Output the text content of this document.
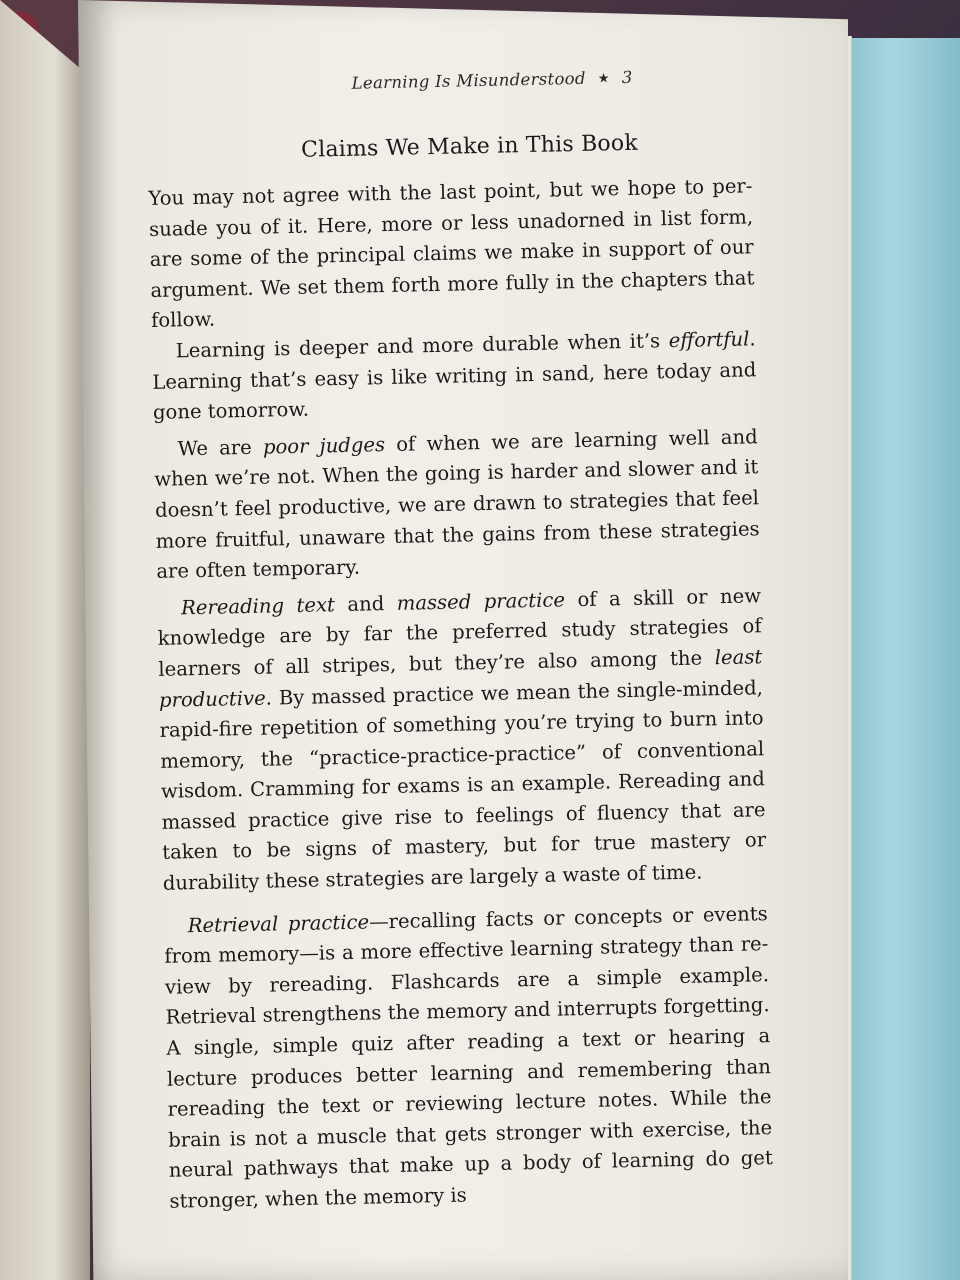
Learning Is Misunderstood ★ 3
Claims We Make in This Book

You may not agree with the last point, but we hope to persuade you of it. Here, more or less unadorned in list form, are some of the principal claims we make in support of our argument. We set them forth more fully in the chapters that follow.

Learning is deeper and more durable when it’s effortful. Learning that’s easy is like writing in sand, here today and gone tomorrow.

We are poor judges of when we are learning well and when we’re not. When the going is harder and slower and it doesn’t feel productive, we are drawn to strategies that feel more fruitful, unaware that the gains from these strategies are often temporary.

Rereading text and massed practice of a skill or new knowledge are by far the preferred study strategies of learners of all stripes, but they’re also among the least productive. By massed practice we mean the single-minded, rapid-fire repetition of something you’re trying to burn into memory, the “practice-practice-practice” of conventional wisdom. Cramming for exams is an example. Rereading and massed practice give rise to feelings of fluency that are taken to be signs of mastery, but for true mastery or durability these strategies are largely a waste of time.

Retrieval practice—recalling facts or concepts or events from memory—is a more effective learning strategy than review by rereading. Flashcards are a simple example. Retrieval strengthens the memory and interrupts forgetting. A single, simple quiz after reading a text or hearing a lecture produces better learning and remembering than rereading the text or reviewing lecture notes. While the brain is not a muscle that gets stronger with exercise, the neural pathways that make up a body of learning do get stronger, when the memory is
